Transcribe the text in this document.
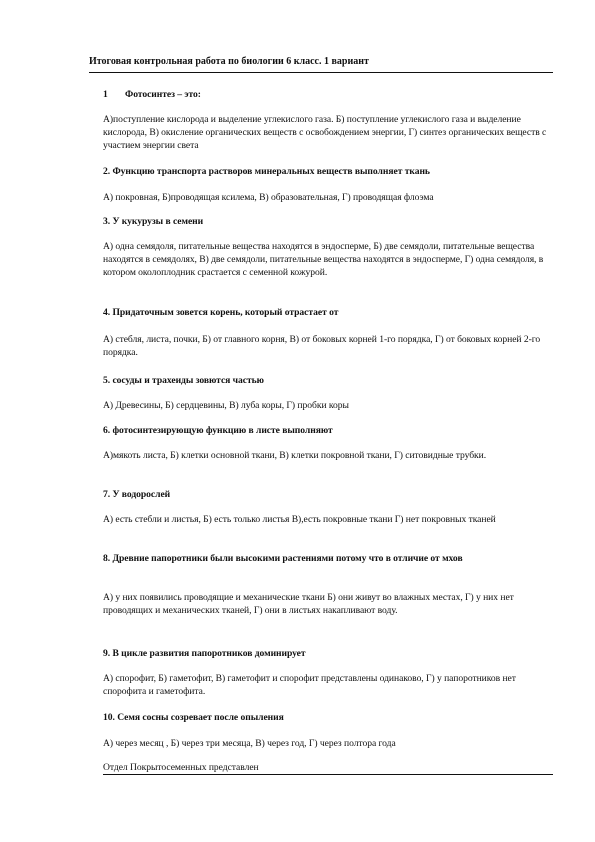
Итоговая контрольная работа по биологии 6 класс. 1 вариант
1 Фотосинтез – это:
А)поступление кислорода и выделение углекислого газа. Б) поступление углекислого газа и выделение кислорода, В) окисление органических веществ с освобождением энергии, Г) синтез органических веществ с участием энергии света
2. Функцию транспорта растворов минеральных веществ выполняет ткань
А) покровная, Б)проводящая ксилема, В) образовательная, Г) проводящая флоэма
3. У кукурузы в семени
А) одна семядоля, питательные вещества находятся в эндосперме, Б) две семядоли, питательные вещества находятся в семядолях, В) две семядоли, питательные вещества находятся в эндосперме, Г) одна семядоля, в котором околоплодник срастается с семенной кожурой.
4. Придаточным зовется корень, который отрастает от
А) стебля, листа, почки, Б) от главного корня, В) от боковых корней 1-го порядка, Г) от боковых корней 2-го порядка.
5. сосуды и трахеиды зовются частью
А) Древесины, Б) сердцевины, В) луба коры, Г) пробки коры
6. фотосинтезирующую функцию в листе выполняют
А)мякоть листа, Б) клетки основной ткани, В) клетки покровной ткани, Г) ситовидные трубки.
7. У водорослей
А) есть стебли и листья, Б) есть только листья В),есть покровные ткани Г) нет покровных тканей
8. Древние папоротники были высокими растениями потому что в отличие от мхов
А) у них появились проводящие и механические ткани Б) они живут во влажных местах, Г) у них нет проводящих и механических тканей, Г) они в листьях накапливают воду.
9. В цикле развития папоротников доминирует
А) спорофит, Б) гаметофит, В) гаметофит и спорофит представлены одинаково, Г) у папоротников нет спорофита и гаметофита.
10. Семя сосны созревает после опыления
А) через месяц , Б) через три месяца, В) через год, Г) через полтора года
Отдел Покрытосеменных представлен
